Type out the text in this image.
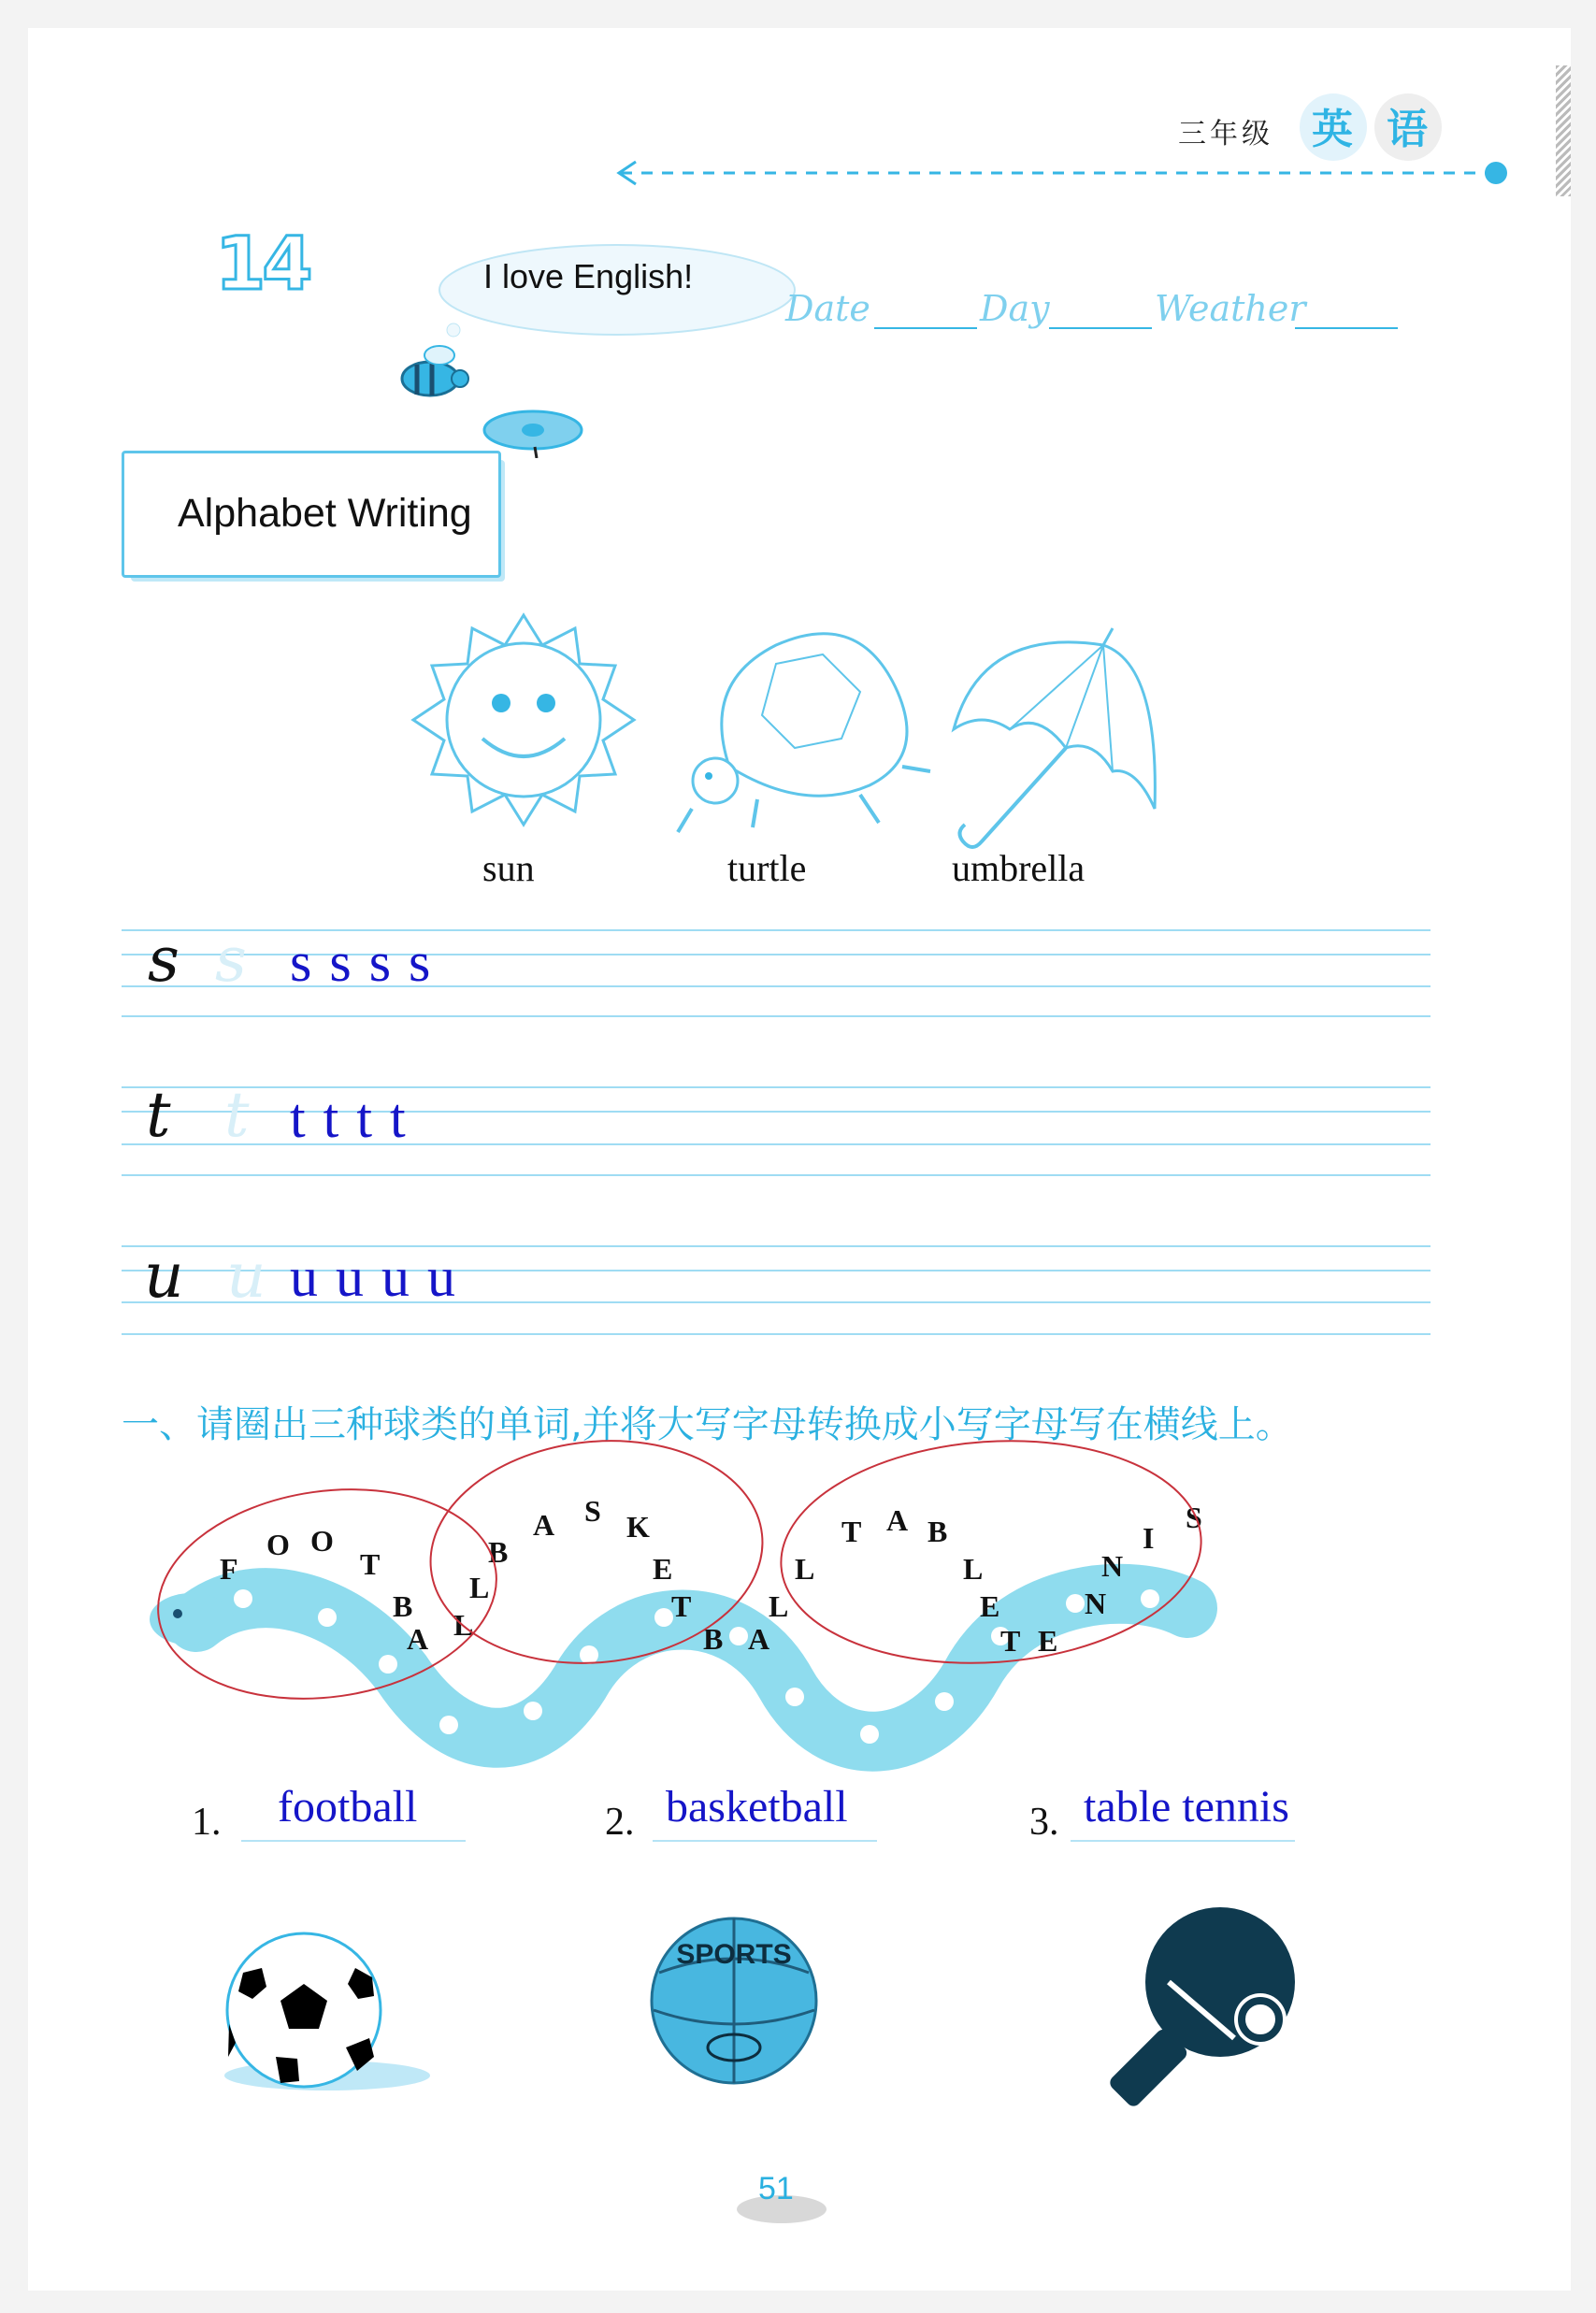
三年级 英 语
14	I love English!
Date	Day	Weather
Alphabet Writing
sun	turtle	umbrella
s s s s s s
t t t t t t
u u u u u u
一、请圈出三种球类的单词,并将大写字母转换成小写字母写在横线上。
F
O O
T
B
A L
L
B
A S K
E
T
B A
L
L
T A B
L
E
T E
N
N
I
S
1. football	2. basketball	3. table tennis
SPORTS
51
